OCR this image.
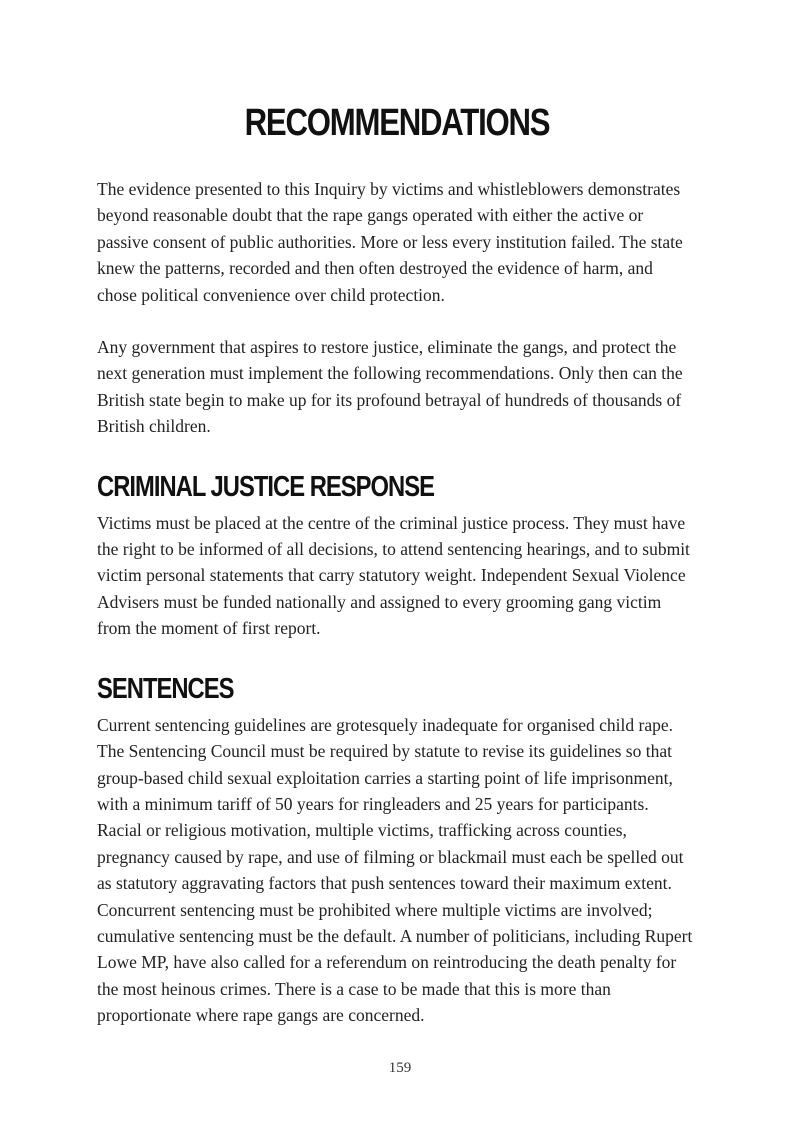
RECOMMENDATIONS

The evidence presented to this Inquiry by victims and whistleblowers demonstrates beyond reasonable doubt that the rape gangs operated with either the active or passive consent of public authorities. More or less every institution failed. The state knew the patterns, recorded and then often destroyed the evidence of harm, and chose political convenience over child protection.

Any government that aspires to restore justice, eliminate the gangs, and protect the next generation must implement the following recommendations. Only then can the British state begin to make up for its profound betrayal of hundreds of thousands of British children.

CRIMINAL JUSTICE RESPONSE

Victims must be placed at the centre of the criminal justice process. They must have the right to be informed of all decisions, to attend sentencing hearings, and to submit victim personal statements that carry statutory weight. Independent Sexual Violence Advisers must be funded nationally and assigned to every grooming gang victim from the moment of first report.

SENTENCES

Current sentencing guidelines are grotesquely inadequate for organised child rape. The Sentencing Council must be required by statute to revise its guidelines so that group-based child sexual exploitation carries a starting point of life imprisonment, with a minimum tariff of 50 years for ringleaders and 25 years for participants. Racial or religious motivation, multiple victims, trafficking across counties, pregnancy caused by rape, and use of filming or blackmail must each be spelled out as statutory aggravating factors that push sentences toward their maximum extent. Concurrent sentencing must be prohibited where multiple victims are involved; cumulative sentencing must be the default. A number of politicians, including Rupert Lowe MP, have also called for a referendum on reintroducing the death penalty for the most heinous crimes. There is a case to be made that this is more than proportionate where rape gangs are concerned.

159
